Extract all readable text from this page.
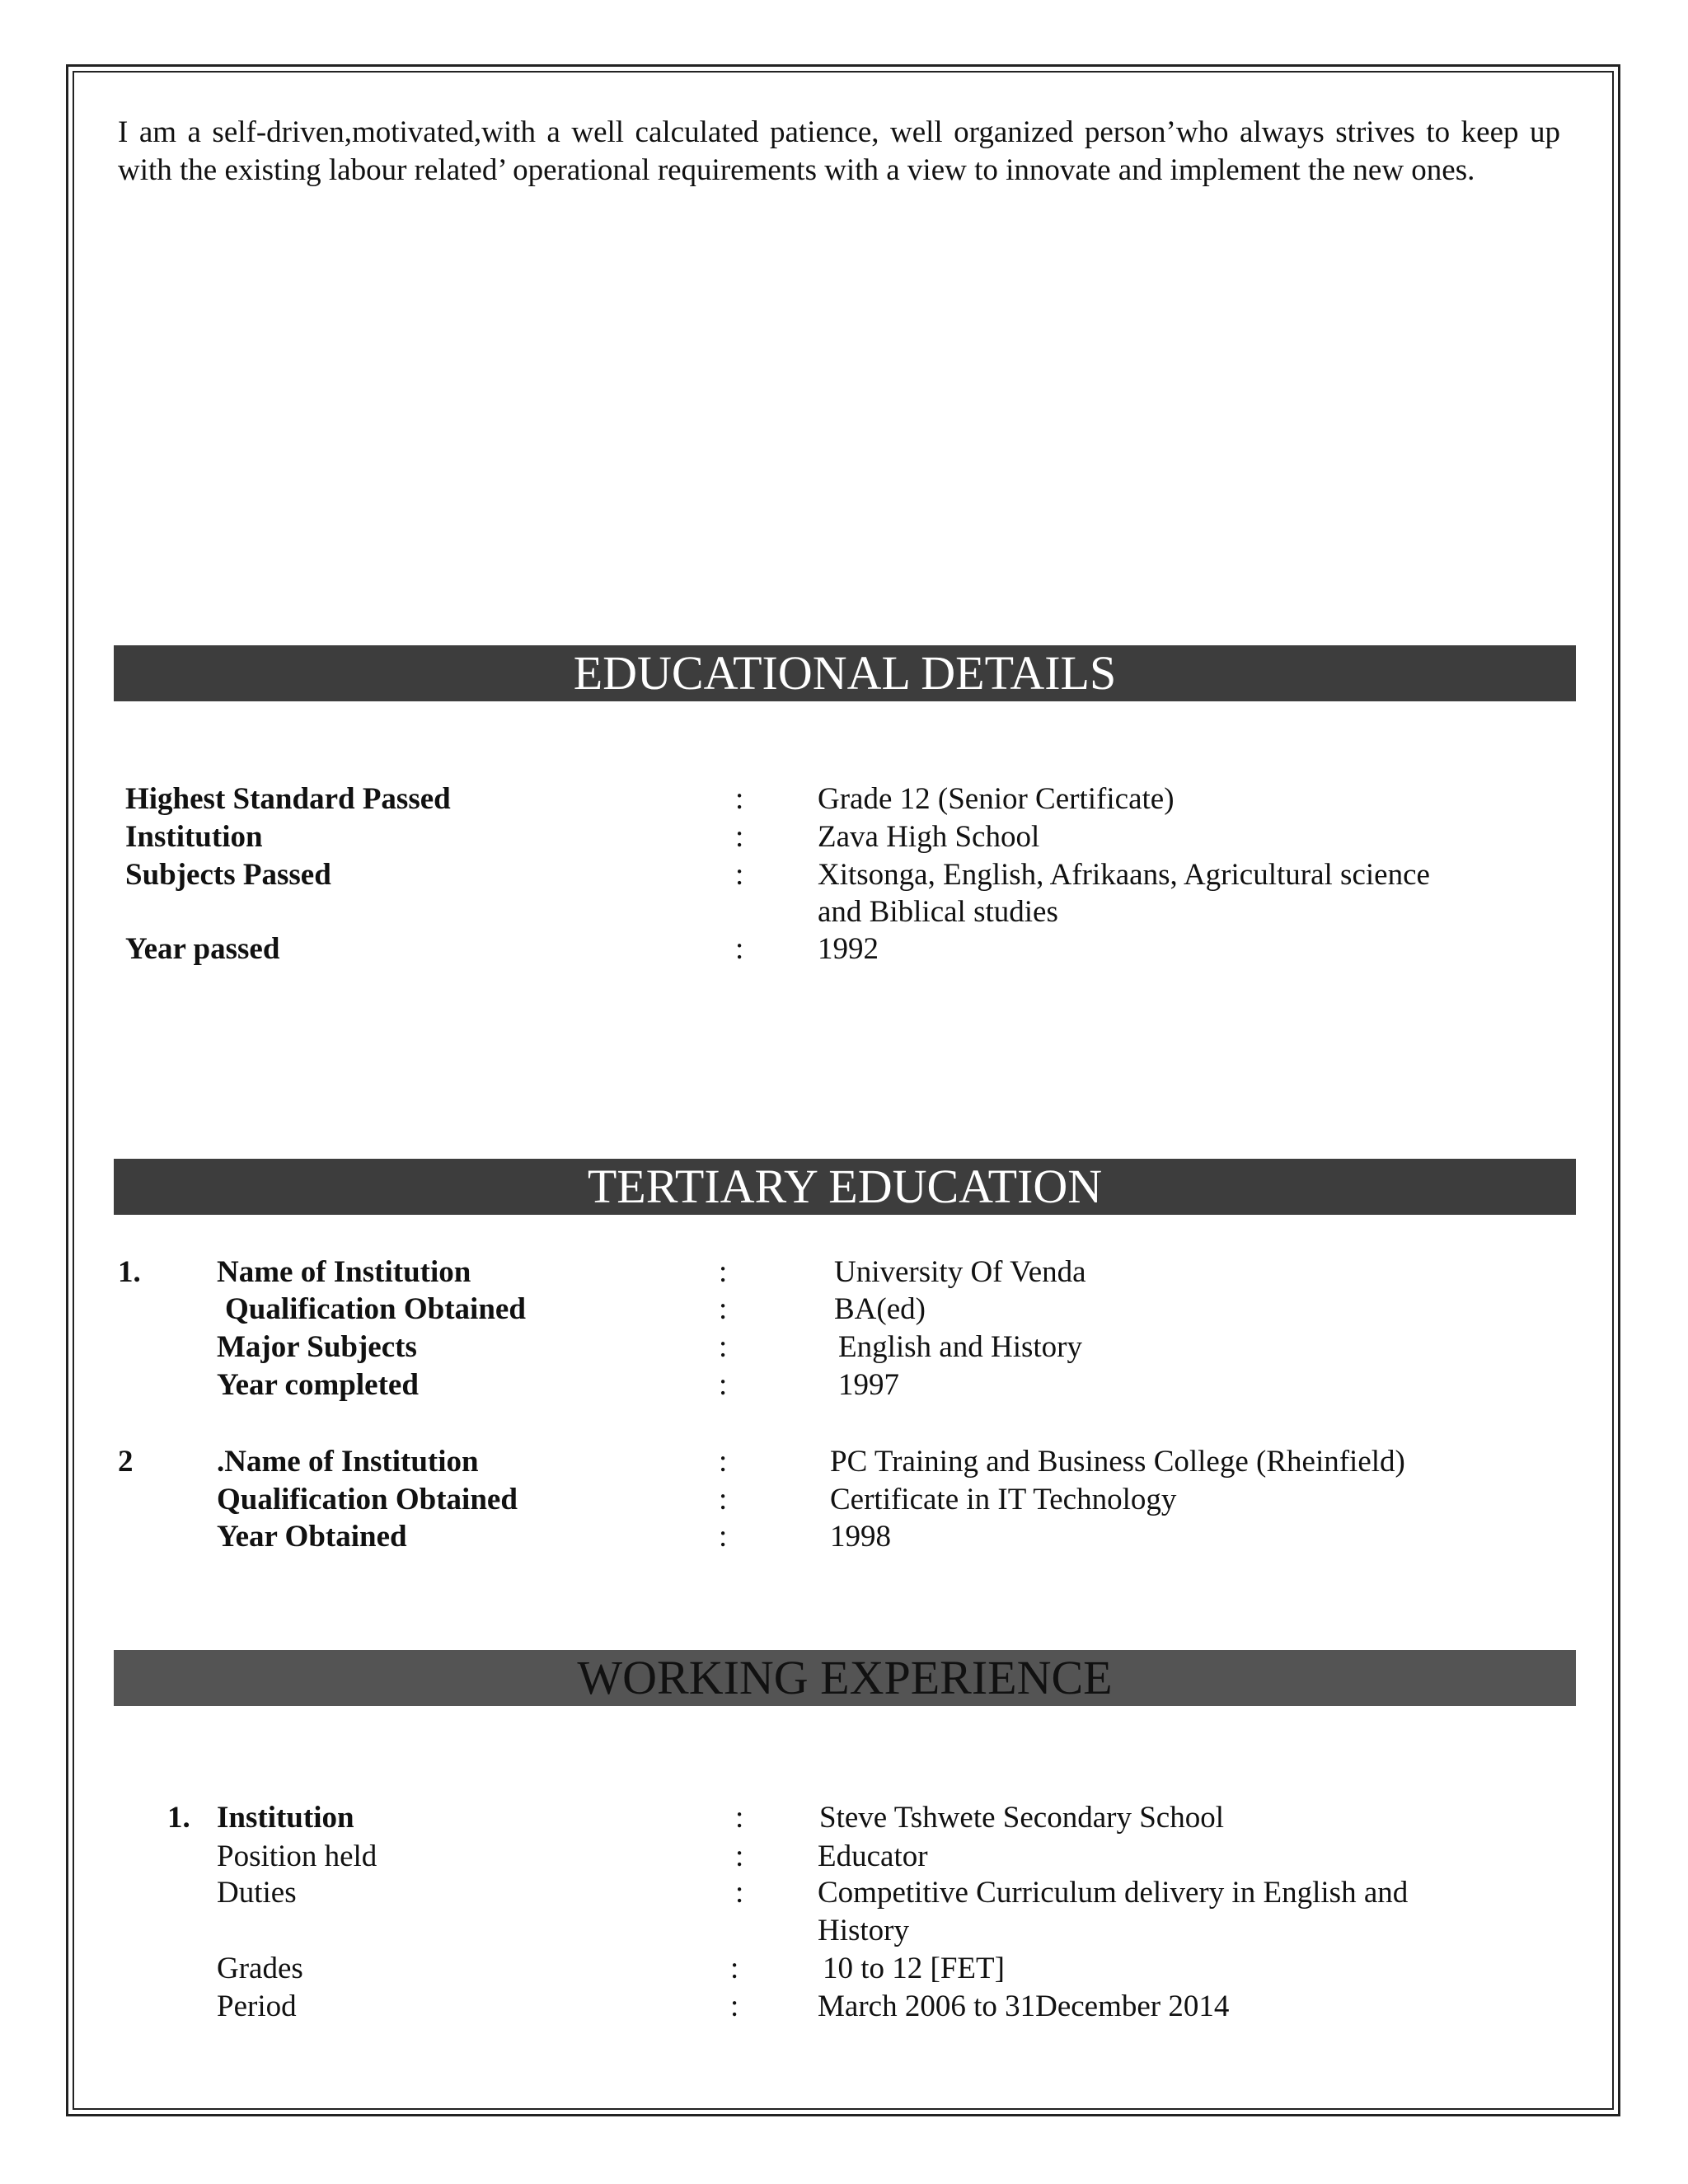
I am a self-driven,motivated,with a well calculated patience, well organized person’who always strives to keep up with the existing labour related’ operational requirements with a view to innovate and implement the new ones.

EDUCATIONAL DETAILS
Highest Standard Passed	: Grade 12 (Senior Certificate)
Institution	: Zava High School
Subjects Passed	: Xitsonga, English, Afrikaans, Agricultural science
and Biblical studies
Year passed	: 1992
TERTIARY EDUCATION
1. Name of Institution	:	University Of Venda
Qualification Obtained	:	BA(ed)
Major Subjects	:	English and History
Year completed	:	1997
2	.Name of Institution	:	PC Training and Business College (Rheinfield)
Qualification Obtained	:	Certificate in IT Technology
Year Obtained	:	1998
WORKING EXPERIENCE
1. Institution	: Steve Tshwete Secondary School
Position held	: Educator
Duties	: Competitive Curriculum delivery in English and
History
Grades	:	10 to 12 [FET]
Period	:	March 2006 to 31December 2014
